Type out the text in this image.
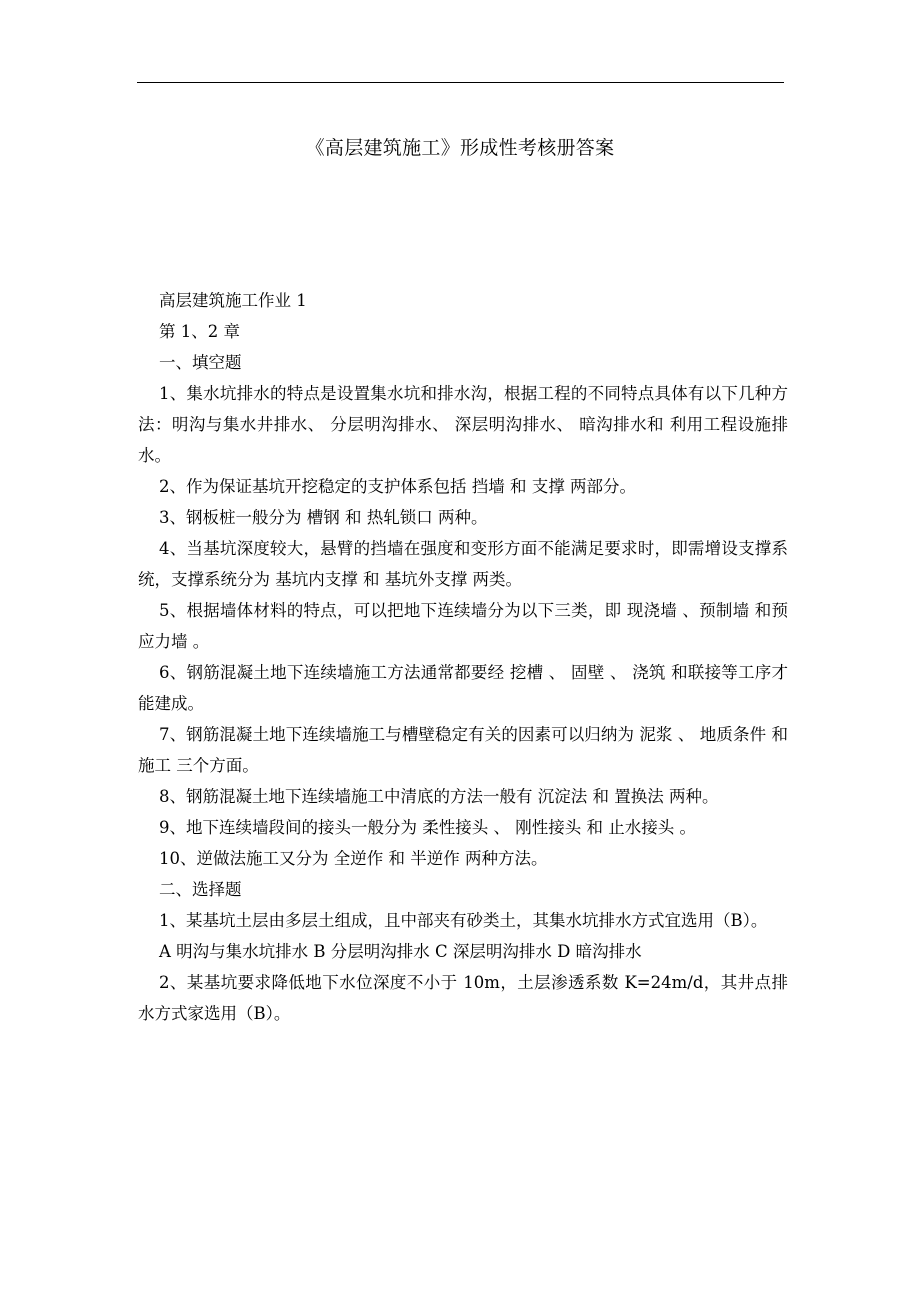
《高层建筑施工》形成性考核册答案

高层建筑施工作业 1

第 1、2 章

一、填空题

1、集水坑排水的特点是设置集水坑和排水沟，根据工程的不同特点具体有以下几种方法：明沟与集水井排水、 分层明沟排水、 深层明沟排水、 暗沟排水和 利用工程设施排水。

2、作为保证基坑开挖稳定的支护体系包括 挡墙 和 支撑 两部分。

3、钢板桩一般分为 槽钢 和 热轧锁口 两种。

4、当基坑深度较大，悬臂的挡墙在强度和变形方面不能满足要求时，即需增设支撑系统，支撑系统分为 基坑内支撑 和 基坑外支撑 两类。

5、根据墙体材料的特点，可以把地下连续墙分为以下三类，即 现浇墙 、预制墙 和预应力墙 。

6、钢筋混凝土地下连续墙施工方法通常都要经 挖槽 、 固壁 、 浇筑 和联接等工序才能建成。

7、钢筋混凝土地下连续墙施工与槽壁稳定有关的因素可以归纳为 泥浆 、 地质条件 和施工 三个方面。

8、钢筋混凝土地下连续墙施工中清底的方法一般有 沉淀法 和 置换法 两种。

9、地下连续墙段间的接头一般分为 柔性接头 、 刚性接头 和 止水接头 。

10、逆做法施工又分为 全逆作 和 半逆作 两种方法。

二、选择题

1、某基坑土层由多层土组成，且中部夹有砂类土，其集水坑排水方式宜选用（B）。

A 明沟与集水坑排水 B 分层明沟排水 C 深层明沟排水 D 暗沟排水

2、某基坑要求降低地下水位深度不小于 10m，土层渗透系数 K=24m/d，其井点排水方式家选用（B）。
